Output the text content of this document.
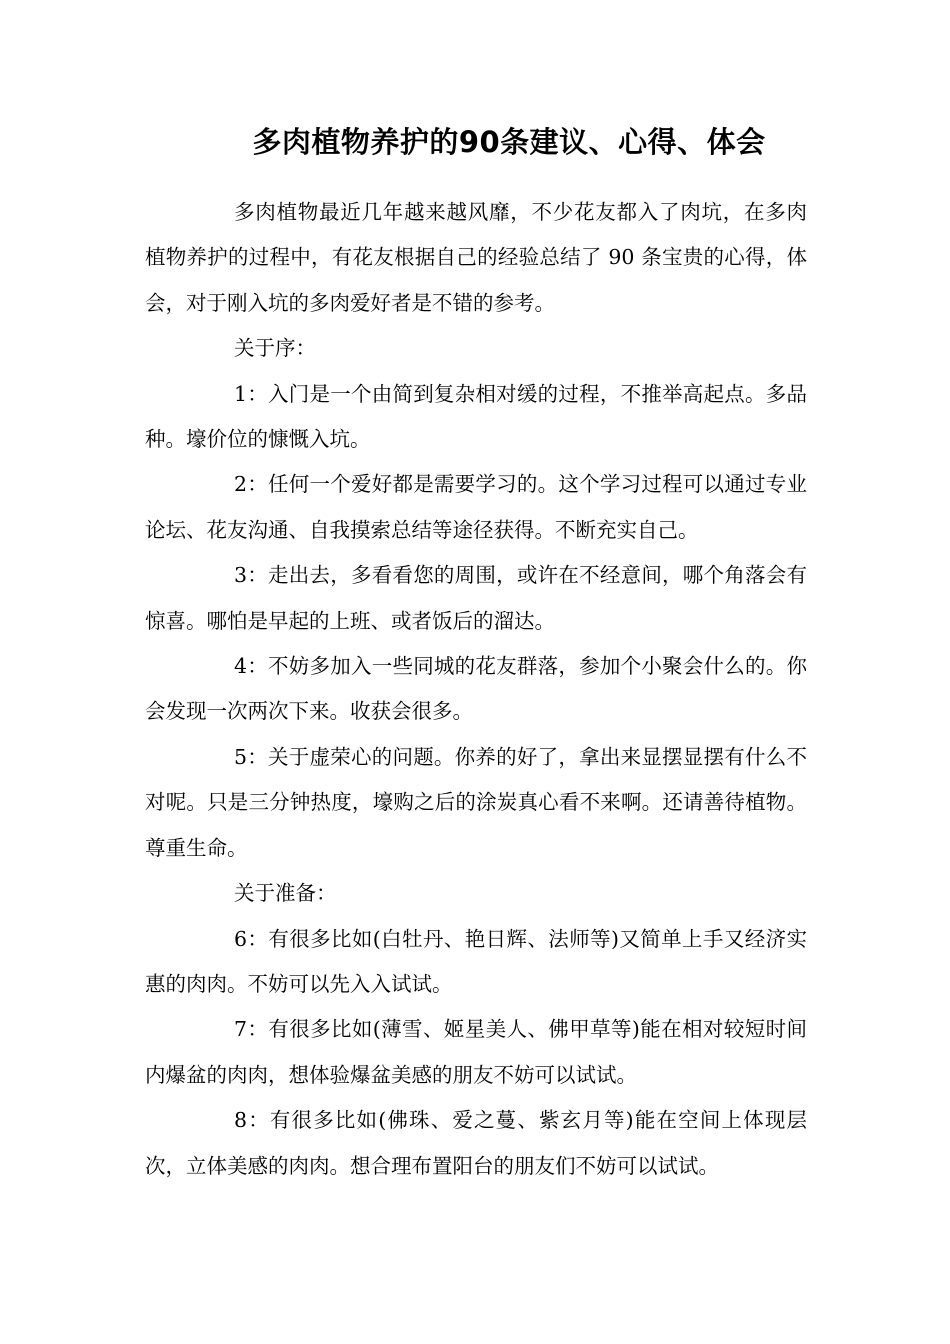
多肉植物养护的90条建议、心得、体会

多肉植物最近几年越来越风靡，不少花友都入了肉坑，在多肉植物养护的过程中，有花友根据自己的经验总结了 90 条宝贵的心得，体会，对于刚入坑的多肉爱好者是不错的参考。

关于序：

1：入门是一个由简到复杂相对缓的过程，不推举高起点。多品种。壕价位的慷慨入坑。

2：任何一个爱好都是需要学习的。这个学习过程可以通过专业论坛、花友沟通、自我摸索总结等途径获得。不断充实自己。

3：走出去，多看看您的周围，或许在不经意间，哪个角落会有惊喜。哪怕是早起的上班、或者饭后的溜达。

4：不妨多加入一些同城的花友群落，参加个小聚会什么的。你会发现一次两次下来。收获会很多。

5：关于虚荣心的问题。你养的好了，拿出来显摆显摆有什么不对呢。只是三分钟热度，壕购之后的涂炭真心看不来啊。还请善待植物。尊重生命。

关于准备：

6：有很多比如(白牡丹、艳日辉、法师等)又简单上手又经济实惠的肉肉。不妨可以先入入试试。

7：有很多比如(薄雪、姬星美人、佛甲草等)能在相对较短时间内爆盆的肉肉，想体验爆盆美感的朋友不妨可以试试。

8：有很多比如(佛珠、爱之蔓、紫玄月等)能在空间上体现层次，立体美感的肉肉。想合理布置阳台的朋友们不妨可以试试。
